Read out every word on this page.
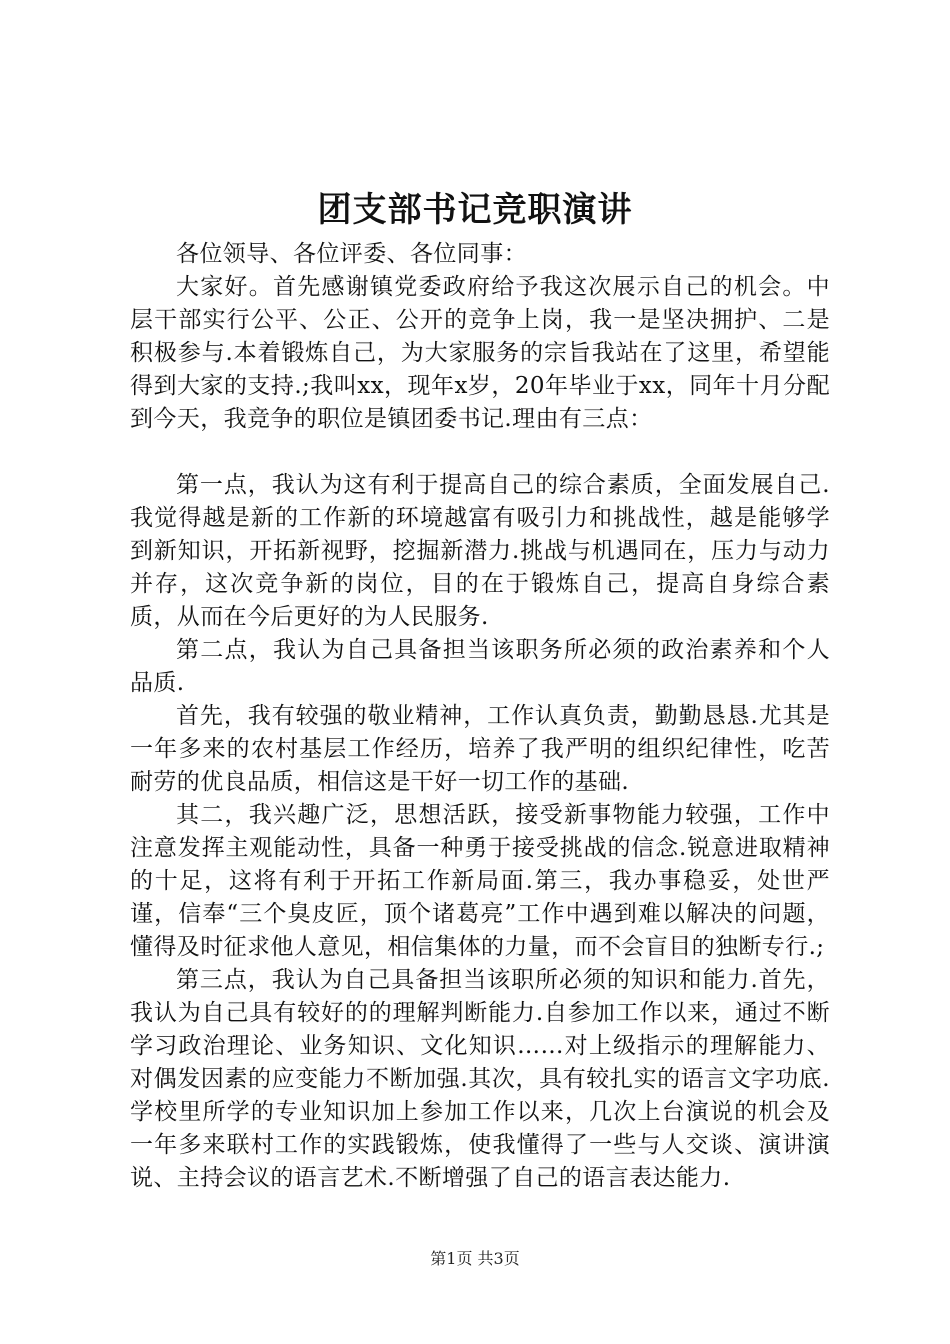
团支部书记竞职演讲

各位领导、各位评委、各位同事：

大家好。首先感谢镇党委政府给予我这次展示自己的机会。中层干部实行公平、公正、公开的竞争上岗，我一是坚决拥护、二是积极参与.本着锻炼自己，为大家服务的宗旨我站在了这里，希望能得到大家的支持.;我叫xx，现年x岁，20年毕业于xx，同年十月分配到今天，我竞争的职位是镇团委书记.理由有三点：

第一点，我认为这有利于提高自己的综合素质，全面发展自己.我觉得越是新的工作新的环境越富有吸引力和挑战性，越是能够学到新知识，开拓新视野，挖掘新潜力.挑战与机遇同在，压力与动力并存，这次竞争新的岗位，目的在于锻炼自己，提高自身综合素质，从而在今后更好的为人民服务.

第二点，我认为自己具备担当该职务所必须的政治素养和个人品质.

首先，我有较强的敬业精神，工作认真负责，勤勤恳恳.尤其是一年多来的农村基层工作经历，培养了我严明的组织纪律性，吃苦耐劳的优良品质，相信这是干好一切工作的基础.

其二，我兴趣广泛，思想活跃，接受新事物能力较强，工作中注意发挥主观能动性，具备一种勇于接受挑战的信念.锐意进取精神的十足，这将有利于开拓工作新局面.第三，我办事稳妥，处世严谨，信奉“三个臭皮匠，顶个诸葛亮”工作中遇到难以解决的问题，懂得及时征求他人意见，相信集体的力量，而不会盲目的独断专行.;

第三点，我认为自己具备担当该职所必须的知识和能力.首先，我认为自己具有较好的的理解判断能力.自参加工作以来，通过不断学习政治理论、业务知识、文化知识……对上级指示的理解能力、对偶发因素的应变能力不断加强.其次，具有较扎实的语言文字功底.学校里所学的专业知识加上参加工作以来，几次上台演说的机会及一年多来联村工作的实践锻炼，使我懂得了一些与人交谈、演讲演说、主持会议的语言艺术.不断增强了自己的语言表达能力.

第1页 共3页
